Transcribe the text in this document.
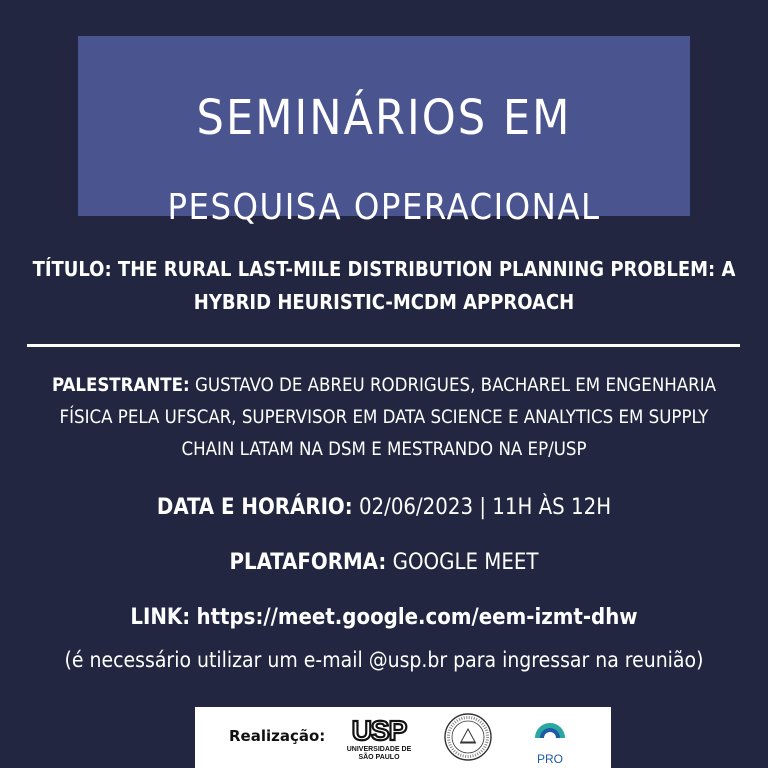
SEMINÁRIOS EM
PESQUISA OPERACIONAL
TÍTULO: THE RURAL LAST-MILE DISTRIBUTION PLANNING PROBLEM: A HYBRID HEURISTIC-MCDM APPROACH
PALESTRANTE: GUSTAVO DE ABREU RODRIGUES, BACHAREL EM ENGENHARIA FÍSICA PELA UFSCAR, SUPERVISOR EM DATA SCIENCE E ANALYTICS EM SUPPLY CHAIN LATAM NA DSM E MESTRANDO NA EP/USP
DATA E HORÁRIO: 02/06/2023 | 11H ÀS 12H
PLATAFORMA: GOOGLE MEET
LINK: https://meet.google.com/eem-izmt-dhw
(é necessário utilizar um e-mail @usp.br para ingressar na reunião)
Realização: USP
UNIVERSIDADE DE
SÃO PAULO	PRO
